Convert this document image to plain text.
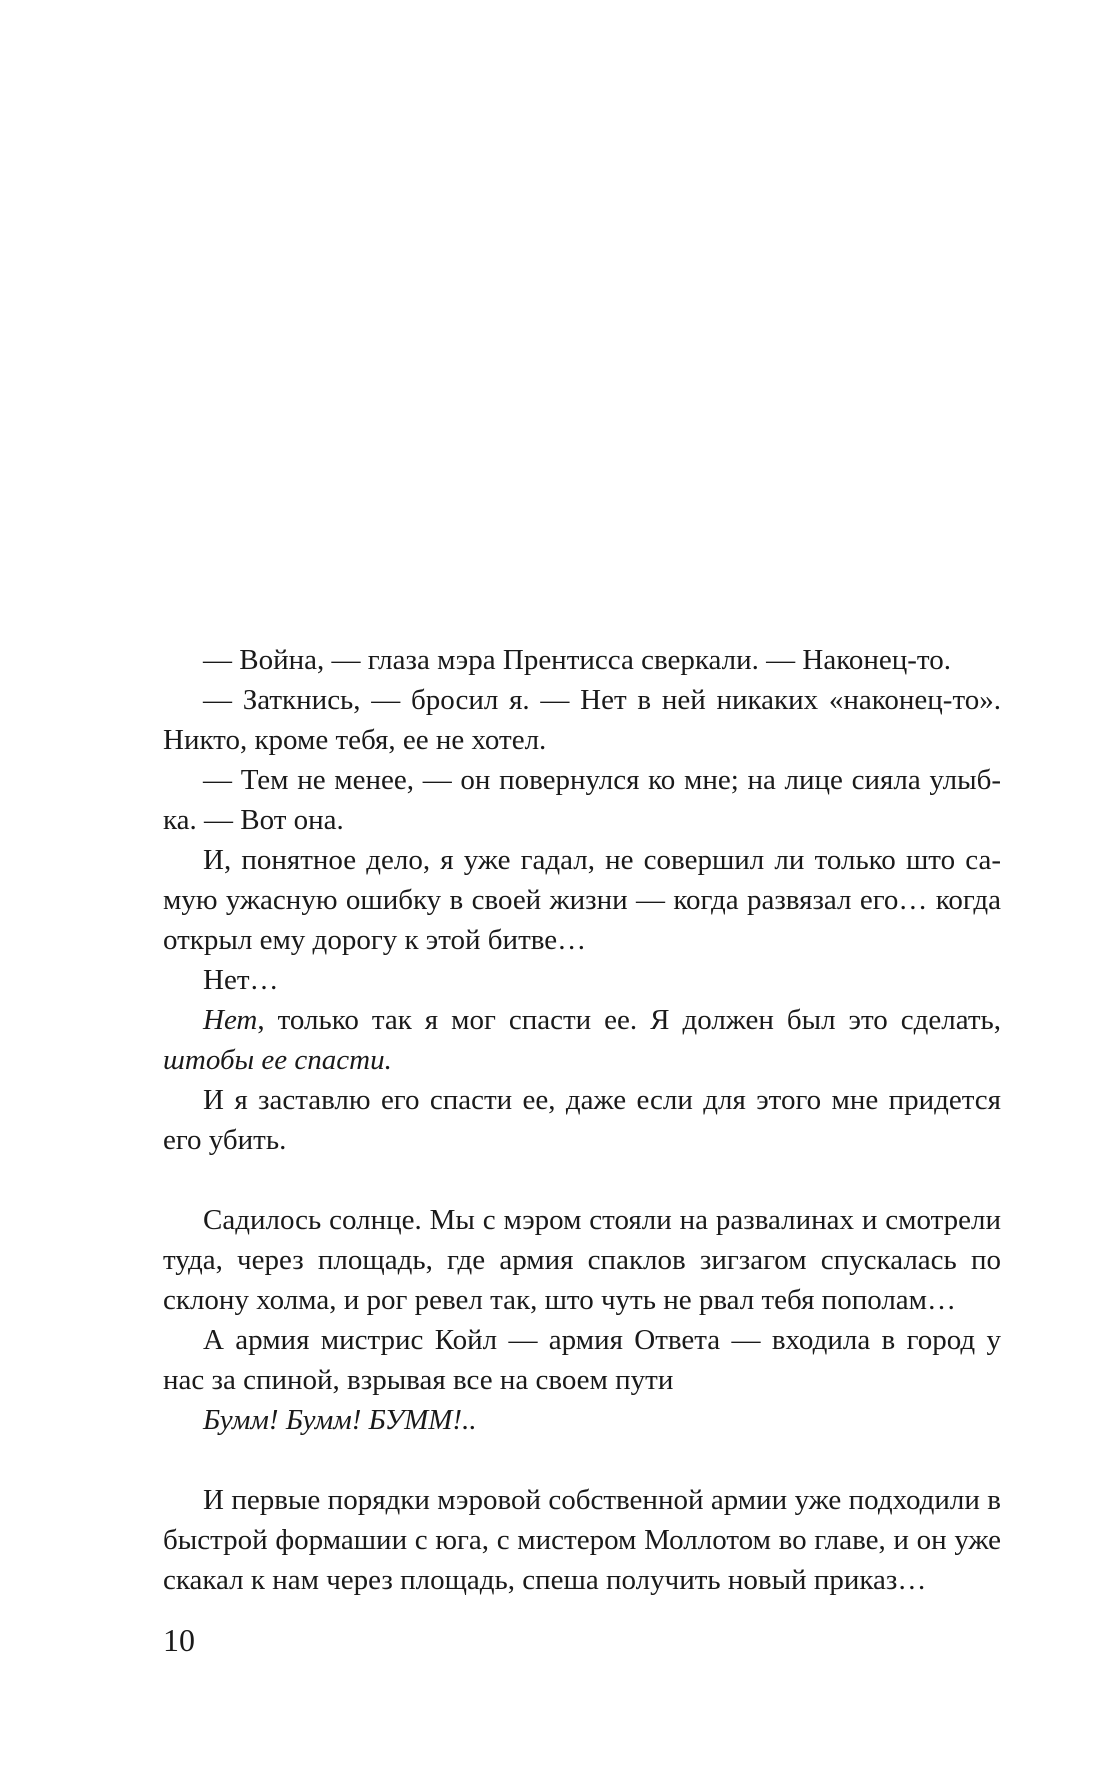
— Война, — глаза мэра Прентисса сверкали. — Наконец-то.

— Заткнись, — бросил я. — Нет в ней никаких «наконец-то». Никто, кроме тебя, ее не хотел.

— Тем не менее, — он повернулся ко мне; на лице сияла улыбка. — Вот она.

И, понятное дело, я уже гадал, не совершил ли только што самую ужасную ошибку в своей жизни — когда развязал его… когда открыл ему дорогу к этой битве…

Нет…

Нет, только так я мог спасти ее. Я должен был это сделать, штобы ее спасти.

И я заставлю его спасти ее, даже если для этого мне придется его убить.

Садилось солнце. Мы с мэром стояли на развалинах и смотрели туда, через площадь, где армия спаклов зигзагом спускалась по склону холма, и рог ревел так, што чуть не рвал тебя пополам…

А армия мистрис Койл — армия Ответа — входила в город у нас за спиной, взрывая все на своем пути

Бумм! Бумм! БУММ!..

И первые порядки мэровой собственной армии уже подходили в быстрой формашии с юга, с мистером Моллотом во главе, и он уже скакал к нам через площадь, спеша получить новый приказ…

10
